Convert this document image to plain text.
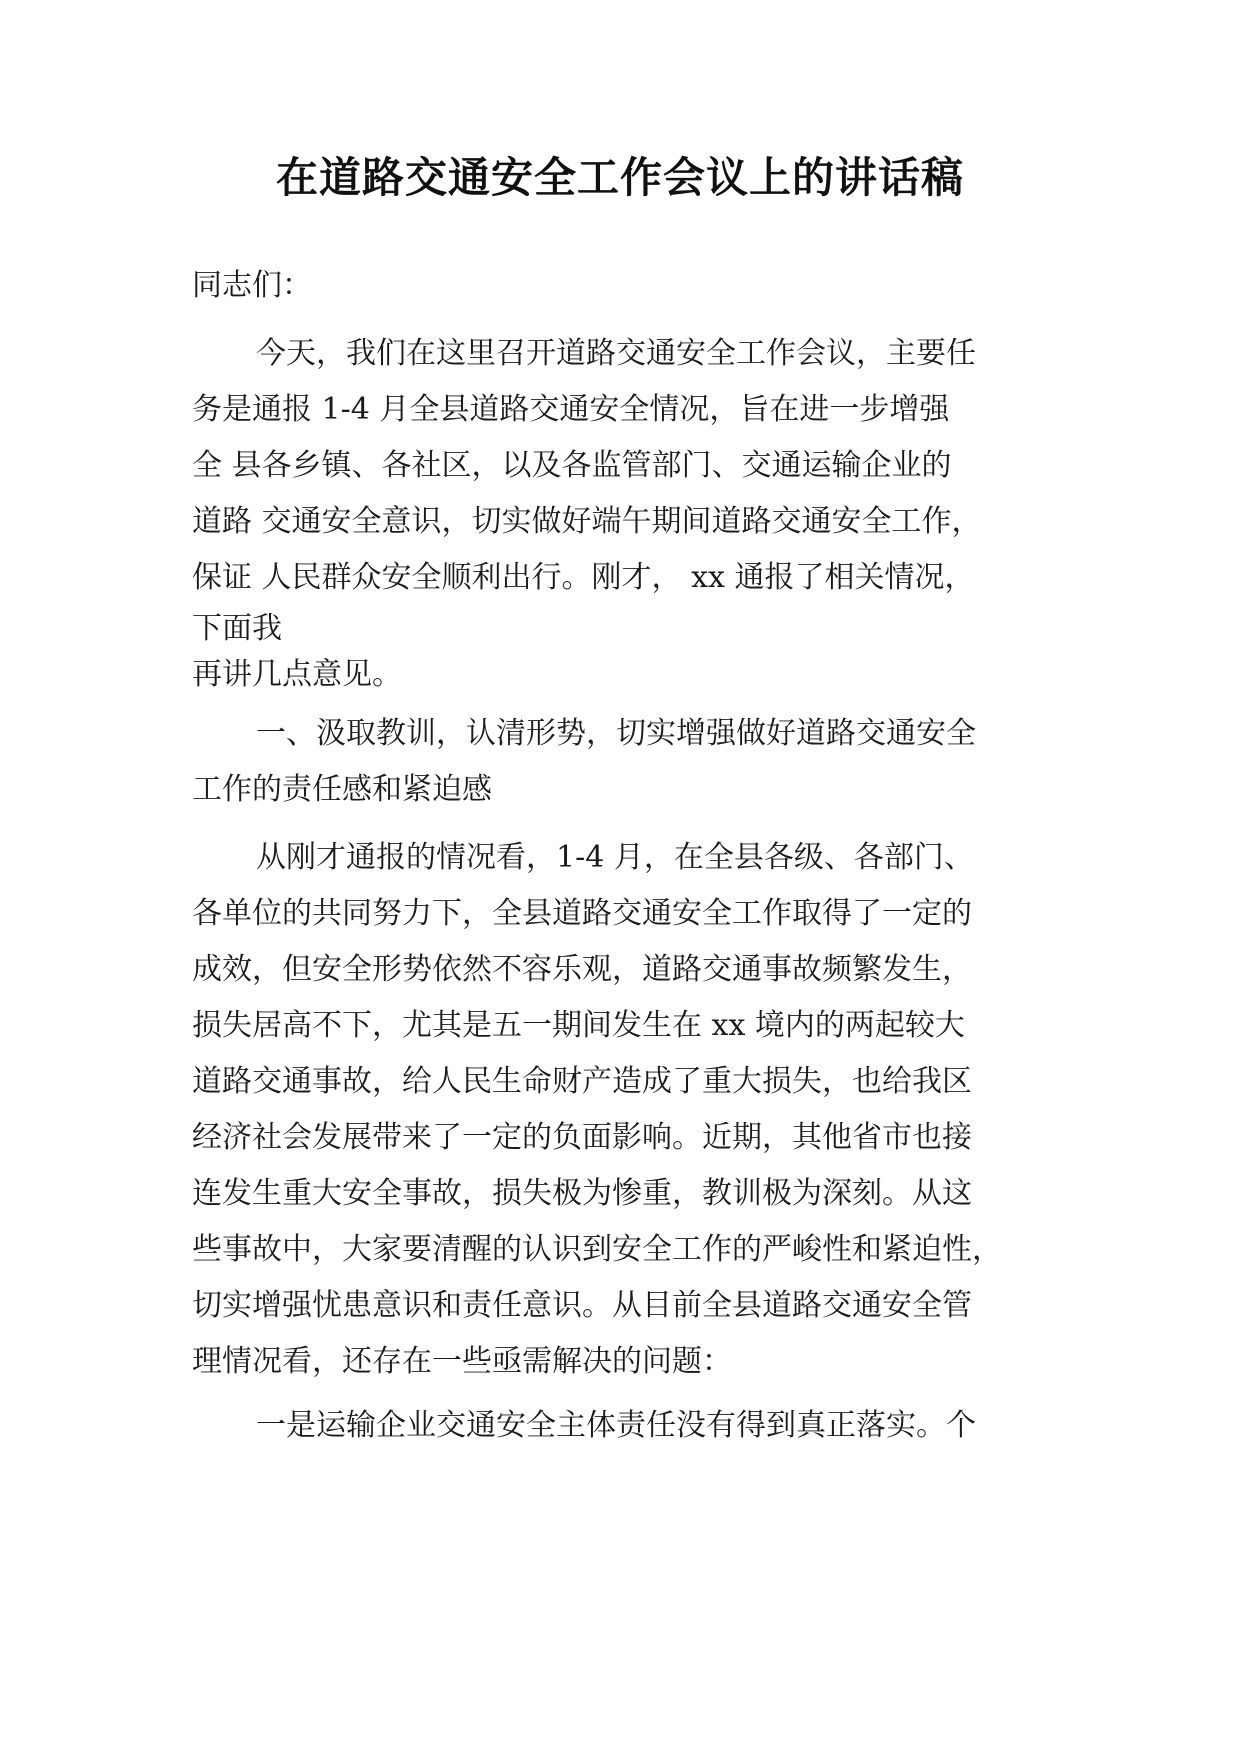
在道路交通安全工作会议上的讲话稿

同志们：

今天，我们在这里召开道路交通安全工作会议，主要任

务是通报 1-4 月全县道路交通安全情况，旨在进一步增强

全 县各乡镇、各社区，以及各监管部门、交通运输企业的

道路 交通安全意识，切实做好端午期间道路交通安全工作，

保证 人民群众安全顺利出行。刚才， xx 通报了相关情况，

下面我

再讲几点意见。

一、汲取教训，认清形势，切实增强做好道路交通安全

工作的责任感和紧迫感

从刚才通报的情况看，1-4 月，在全县各级、各部门、

各单位的共同努力下，全县道路交通安全工作取得了一定的

成效，但安全形势依然不容乐观，道路交通事故频繁发生，

损失居高不下，尤其是五一期间发生在 xx 境内的两起较大

道路交通事故，给人民生命财产造成了重大损失，也给我区

经济社会发展带来了一定的负面影响。近期，其他省市也接

连发生重大安全事故，损失极为惨重，教训极为深刻。从这

些事故中，大家要清醒的认识到安全工作的严峻性和紧迫性，

切实增强忧患意识和责任意识。从目前全县道路交通安全管

理情况看，还存在一些亟需解决的问题：

一是运输企业交通安全主体责任没有得到真正落实。个
